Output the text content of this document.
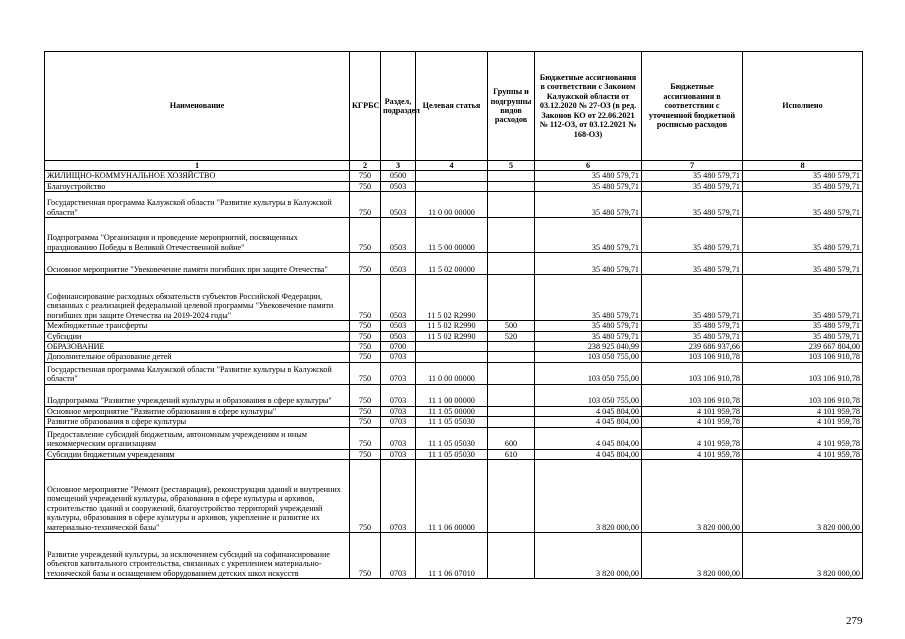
Наименование	КГРБС	Раздел, подраздел	Целевая статья	Группы и подгруппы видов расходов	Бюджетные ассигнования в соответствии с Законом Калужской области от 03.12.2020 № 27-ОЗ (в ред. Законов КО от 22.06.2021 № 112-ОЗ, от 03.12.2021 № 168-ОЗ)	Бюджетные ассигнования в соответствии с уточненной бюджетной росписью расходов	Исполнено
1	2	3	4	5	6	7	8
ЖИЛИЩНО-КОММУНАЛЬНОЕ ХОЗЯЙСТВО	750	0500			35 480 579,71	35 480 579,71	35 480 579,71
Благоустройство	750	0503			35 480 579,71	35 480 579,71	35 480 579,71
Государственная программа Калужской области "Развитие культуры в Калужской области"	750	0503	11 0 00 00000		35 480 579,71	35 480 579,71	35 480 579,71
Подпрограмма "Организация и проведение мероприятий, посвященных празднованию Победы в Великой Отечественной войне"	750	0503	11 5 00 00000		35 480 579,71	35 480 579,71	35 480 579,71
Основное мероприятие "Увековечение памяти погибших при защите Отечества"	750	0503	11 5 02 00000		35 480 579,71	35 480 579,71	35 480 579,71
Софинансирование расходных обязательств субъектов Российской Федерации, связанных с реализацией федеральной целевой программы "Увековечение памяти погибших при защите Отечества на 2019-2024 годы"	750	0503	11 5 02 R2990		35 480 579,71	35 480 579,71	35 480 579,71
Межбюджетные трансферты	750	0503	11 5 02 R2990	500	35 480 579,71	35 480 579,71	35 480 579,71
Субсидии	750	0503	11 5 02 R2990	520	35 480 579,71	35 480 579,71	35 480 579,71
ОБРАЗОВАНИЕ	750	0700			238 925 040,99	239 686 937,66	239 667 804,00
Дополнительное образование детей	750	0703			103 050 755,00	103 106 910,78	103 106 910,78
Государственная программа Калужской области "Развитие культуры в Калужской области"	750	0703	11 0 00 00000		103 050 755,00	103 106 910,78	103 106 910,78
Подпрограмма "Развитие учреждений культуры и образования в сфере культуры"	750	0703	11 1 00 00000		103 050 755,00	103 106 910,78	103 106 910,78
Основное мероприятие "Развитие образования в сфере культуры"	750	0703	11 1 05 00000		4 045 804,00	4 101 959,78	4 101 959,78
Развитие образования в сфере культуры	750	0703	11 1 05 05030		4 045 804,00	4 101 959,78	4 101 959,78
Предоставление субсидий бюджетным, автономным учреждениям и иным некоммерческим организациям	750	0703	11 1 05 05030	600	4 045 804,00	4 101 959,78	4 101 959,78
Субсидии бюджетным учреждениям	750	0703	11 1 05 05030	610	4 045 804,00	4 101 959,78	4 101 959,78
Основное мероприятие "Ремонт (реставрация), реконструкция зданий и внутренних помещений учреждений культуры, образования в сфере культуры и архивов, строительство зданий и сооружений, благоустройство территорий учреждений культуры, образования в сфере культуры и архивов, укрепление и развитие их материально-технической базы"	750	0703	11 1 06 00000		3 820 000,00	3 820 000,00	3 820 000,00
Развитие учреждений культуры, за исключением субсидий на софинансирование объектов капитального строительства, связанных с укреплением материально-технической базы и оснащением оборудованием детских школ искусств	750	0703	11 1 06 07010		3 820 000,00	3 820 000,00	3 820 000,00
279
